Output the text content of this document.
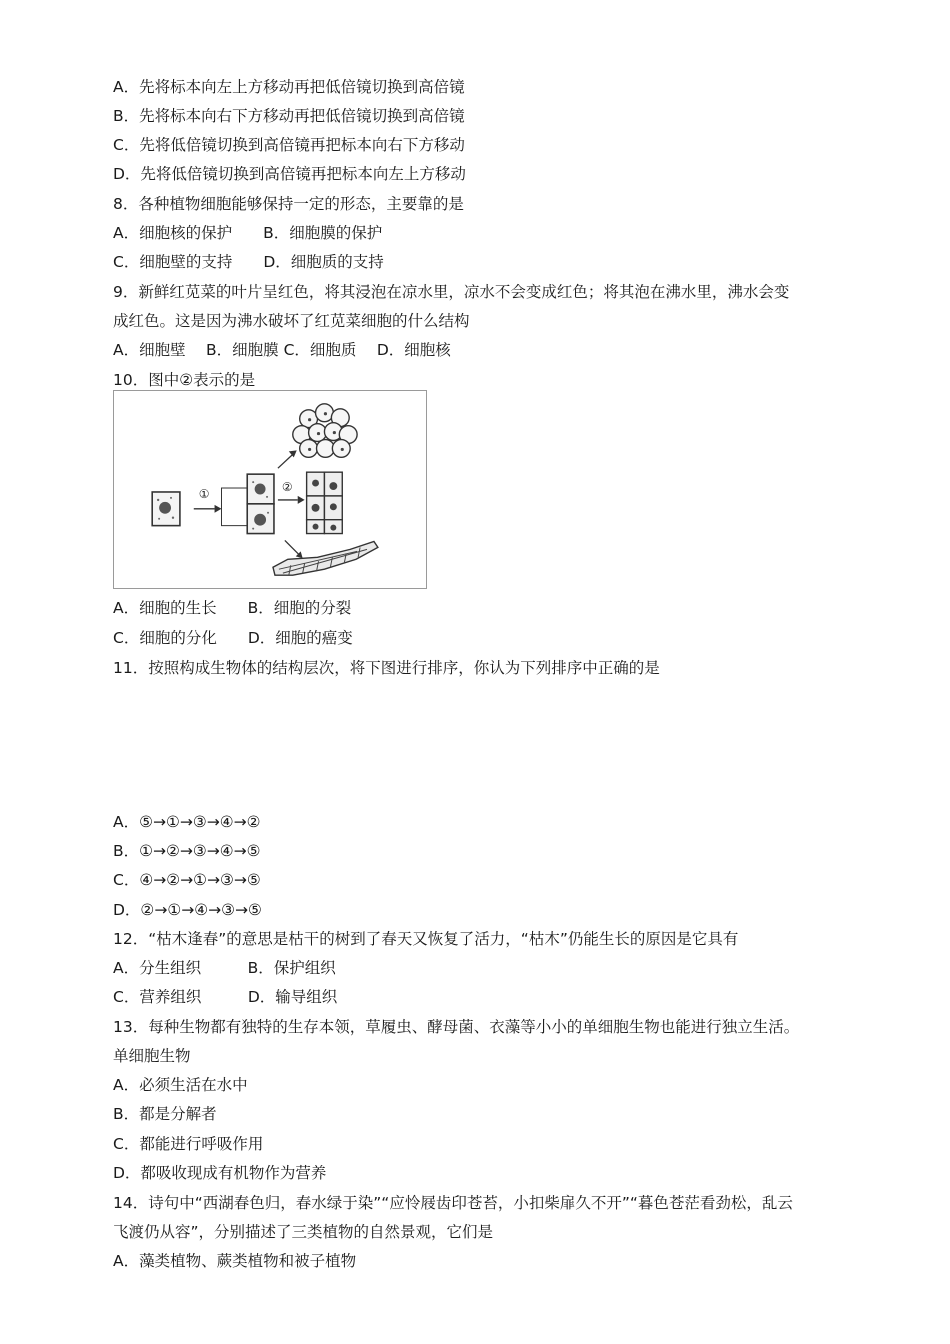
A．先将标本向左上方移动再把低倍镜切换到高倍镜
B．先将标本向右下方移动再把低倍镜切换到高倍镜
C．先将低倍镜切换到高倍镜再把标本向右下方移动
D．先将低倍镜切换到高倍镜再把标本向左上方移动
8．各种植物细胞能够保持一定的形态，主要靠的是
A．细胞核的保护　　B．细胞膜的保护
C．细胞壁的支持　　D．细胞质的支持
9．新鲜红苋菜的叶片呈红色，将其浸泡在凉水里，凉水不会变成红色；将其泡在沸水里，沸水会变
成红色。这是因为沸水破坏了红苋菜细胞的什么结构
A．细胞壁　 B．细胞膜 C．细胞质　 D．细胞核
10．图中②表示的是
①	②
A．细胞的生长　　B．细胞的分裂
C．细胞的分化　　D．细胞的癌变
11．按照构成生物体的结构层次，将下图进行排序，你认为下列排序中正确的是
A．⑤→①→③→④→②
B．①→②→③→④→⑤
C．④→②→①→③→⑤
D．②→①→④→③→⑤
12．“枯木逢春”的意思是枯干的树到了春天又恢复了活力，“枯木”仍能生长的原因是它具有
A．分生组织　　　B．保护组织
C．营养组织　　　D．输导组织
13．每种生物都有独特的生存本领，草履虫、酵母菌、衣藻等小小的单细胞生物也能进行独立生活。
单细胞生物
A．必须生活在水中
B．都是分解者
C．都能进行呼吸作用
D．都吸收现成有机物作为营养
14．诗句中“西湖春色归，春水绿于染”“应怜屐齿印苍苔，小扣柴扉久不开”“暮色苍茫看劲松，乱云
飞渡仍从容”，分别描述了三类植物的自然景观，它们是
A．藻类植物、蕨类植物和被子植物
